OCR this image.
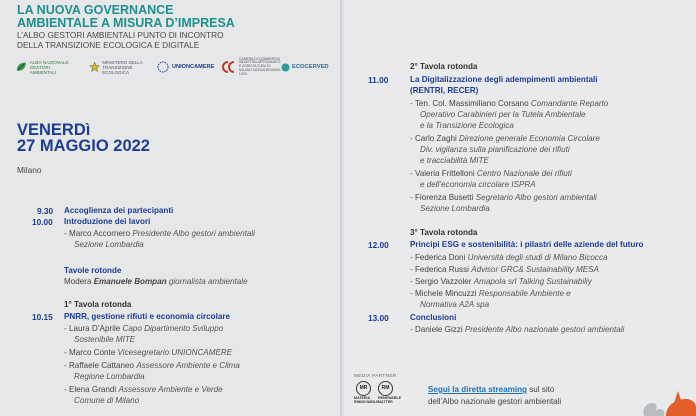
LA NUOVA GOVERNANCE
AMBIENTALE A MISURA D’IMPRESA
L’ALBO GESTORI AMBIENTALI PUNTO DI INCONTRO
DELLA TRANSIZIONE ECOLOGICA E DIGITALE
ALBO NAZIONALE
GESTORI AMBIENTALI
MINISTERO DELLA
TRANSIZIONE ECOLOGICA
UNIONCAMERE
CAMERA DI COMMERCIO
INDUSTRIA ARTIGIANATO
E AGRICOLTURA DI
MILANO MONZA BRIANZA
LODI
ECOCERVED
VENERDì
27 MAGGIO 2022
Milano
9.30 Accoglienza dei partecipanti
10.00 Introduzione dei lavori
- Marco Accornero Presidente Albo gestori ambientali
Sezione Lombardia
Tavole rotonde
Modera Emanuele Bompan giornalista ambientale
1° Tavola rotonda
10.15 PNRR, gestione rifiuti e economia circolare
- Laura D’Aprile Capo Dipartimento Sviluppo
Sostenibile MITE
- Marco Conte Vicesegretario UNIONCAMERE
- Raffaele Cattaneo Assessore Ambiente e Clima
Regione Lombardia
- Elena Grandi Assessore Ambiente e Verde
Comune di Milano
2° Tavola rotonda
11.00	La Digitalizzazione degli adempimenti ambientali
(RENTRI, RECER)
- Ten. Col. Massimiliano Corsano Comandante Reparto
Operativo Carabinieri per la Tutela Ambientale
e la Transizione Ecologica
- Carlo Zaghi Direzione generale Economia Circolare
Div. vigilanza sulla pianificazione dei rifiuti
e tracciabilità MITE
- Valeria Frittelloni Centro Nazionale dei rifiuti
e dell’economia circolare ISPRA
- Fiorenza Busetti Segretario Albo gestori ambientali
Sezione Lombardia
3° Tavola rotonda
12.00	Principi ESG e sostenibilità: i pilastri delle aziende del futuro
- Federica Doni Università degli studi di Milano Bicocca
- Federica Russi Advisor GRC& Sustainability MESA
- Sergio Vazzoler Amapola srl Talking Sustainabiliy
- Michele Mincuzzi Responsabile Ambiente e
Normativa A2A spa
13.00	Conclusioni
- Daniele Gizzi Presidente Albo nazionale gestori ambientali
MEDIA PARTNER
MR	RM
MATERIA
RINNOVABILE
RENEWABLE
MATTER
Segui la diretta streaming sul sito
dell’Albo nazionale gestori ambientali
